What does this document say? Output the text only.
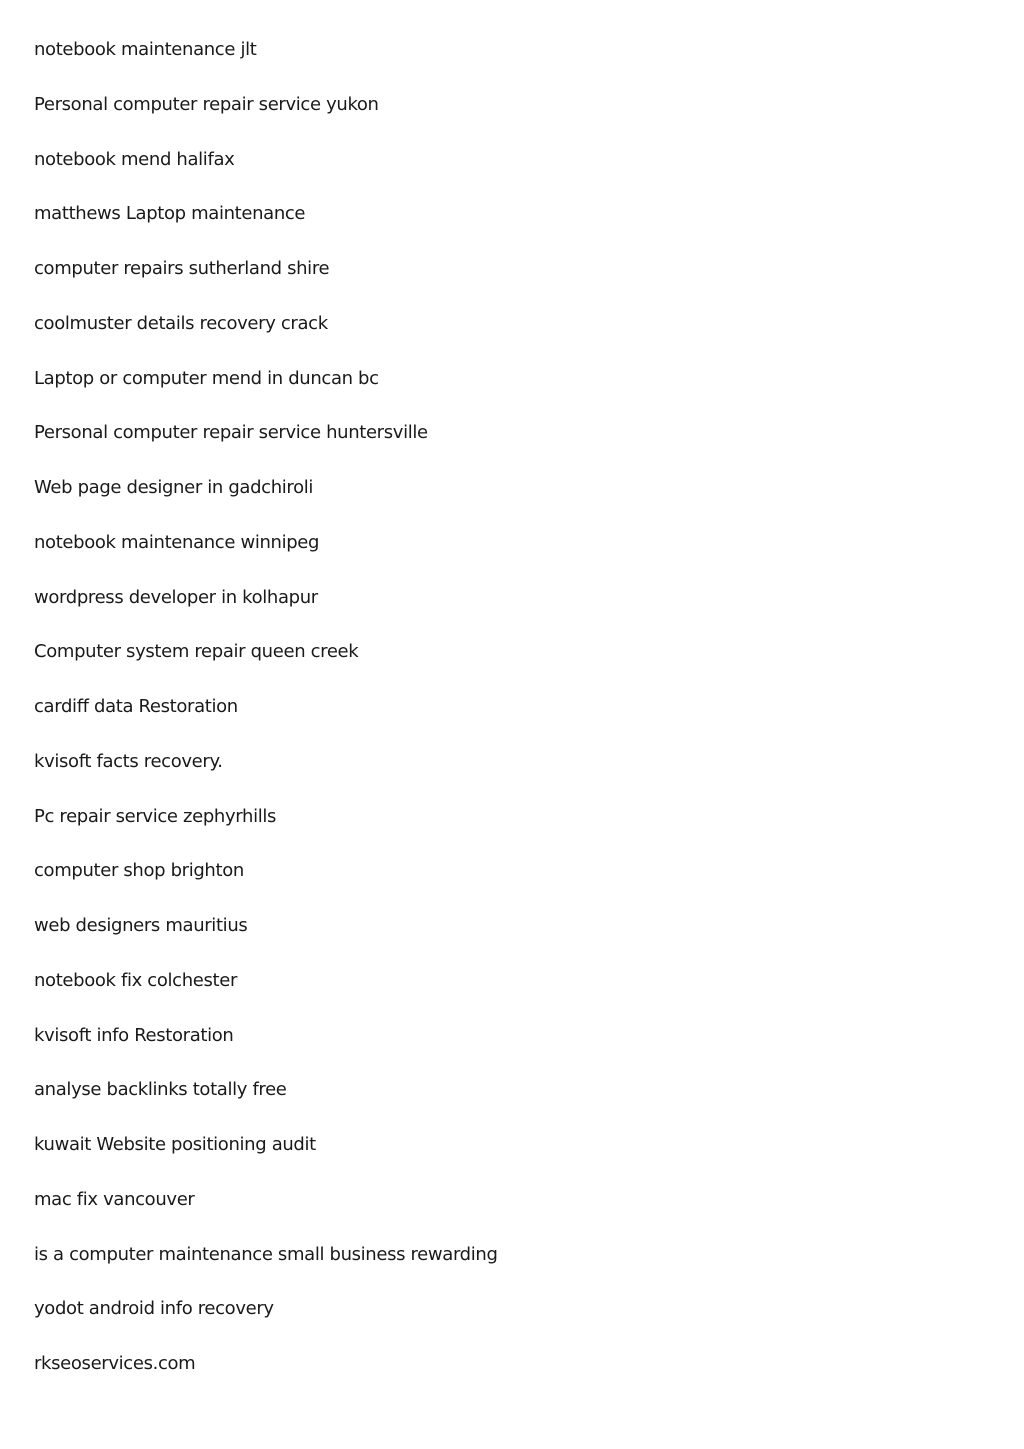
notebook maintenance jlt
Personal computer repair service yukon
notebook mend halifax
matthews Laptop maintenance
computer repairs sutherland shire
coolmuster details recovery crack
Laptop or computer mend in duncan bc
Personal computer repair service huntersville
Web page designer in gadchiroli
notebook maintenance winnipeg
wordpress developer in kolhapur
Computer system repair queen creek
cardiff data Restoration
kvisoft facts recovery.
Pc repair service zephyrhills
computer shop brighton
web designers mauritius
notebook fix colchester
kvisoft info Restoration
analyse backlinks totally free
kuwait Website positioning audit
mac fix vancouver
is a computer maintenance small business rewarding
yodot android info recovery
rkseoservices.com
